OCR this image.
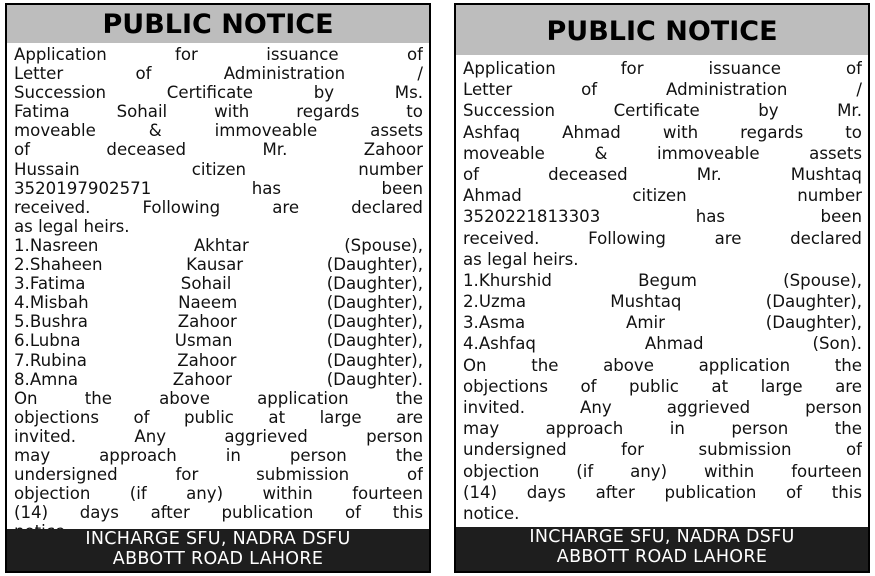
PUBLIC NOTICE
Application	for	issuance	of
Letter	of	Administration	/
Succession	Certificate	by	Ms.
Fatima	Sohail	with	regards	to
moveable	&	immoveable	assets
of	deceased	Mr.	Zahoor
Hussain	citizen	number
3520197902571	has	been
received.	Following	are	declared
as legal heirs.
1.Nasreen	Akhtar	(Spouse),
2.Shaheen	Kausar	(Daughter),
3.Fatima	Sohail	(Daughter),
4.Misbah	Naeem	(Daughter),
5.Bushra	Zahoor	(Daughter),
6.Lubna	Usman	(Daughter),
7.Rubina	Zahoor	(Daughter),
8.Amna	Zahoor	(Daughter).
On	the	above	application	the
objections of public at large are
invited.	Any	aggrieved	person
may	approach	in	person	the
undersigned	for	submission	of
objection (if any) within fourteen
(14) days after publication of this
INCHARGE SFU, NADRA DSFU
ABBOTT ROAD LAHORE
PUBLIC NOTICE
Application	for	issuance	of
Letter	of	Administration	/
Succession	Certificate	by	Mr.
Ashfaq	Ahmad	with	regards	to
moveable	&	immoveable	assets
of	deceased	Mr.	Mushtaq
Ahmad	citizen	number
3520221813303	has	been
received.	Following	are	declared
as legal heirs.
1.Khurshid	Begum	(Spouse),
2.Uzma	Mushtaq	(Daughter),
3.Asma	Amir	(Daughter),
4.Ashfaq	Ahmad	(Son).
On	the	above	application	the
objections of public at large are
invited.	Any	aggrieved	person
may	approach	in	person	the
undersigned	for	submission	of
objection (if any) within fourteen
(14) days after publication of this
notice.
INCHARGE SFU, NADRA DSFU
ABBOTT ROAD LAHORE
